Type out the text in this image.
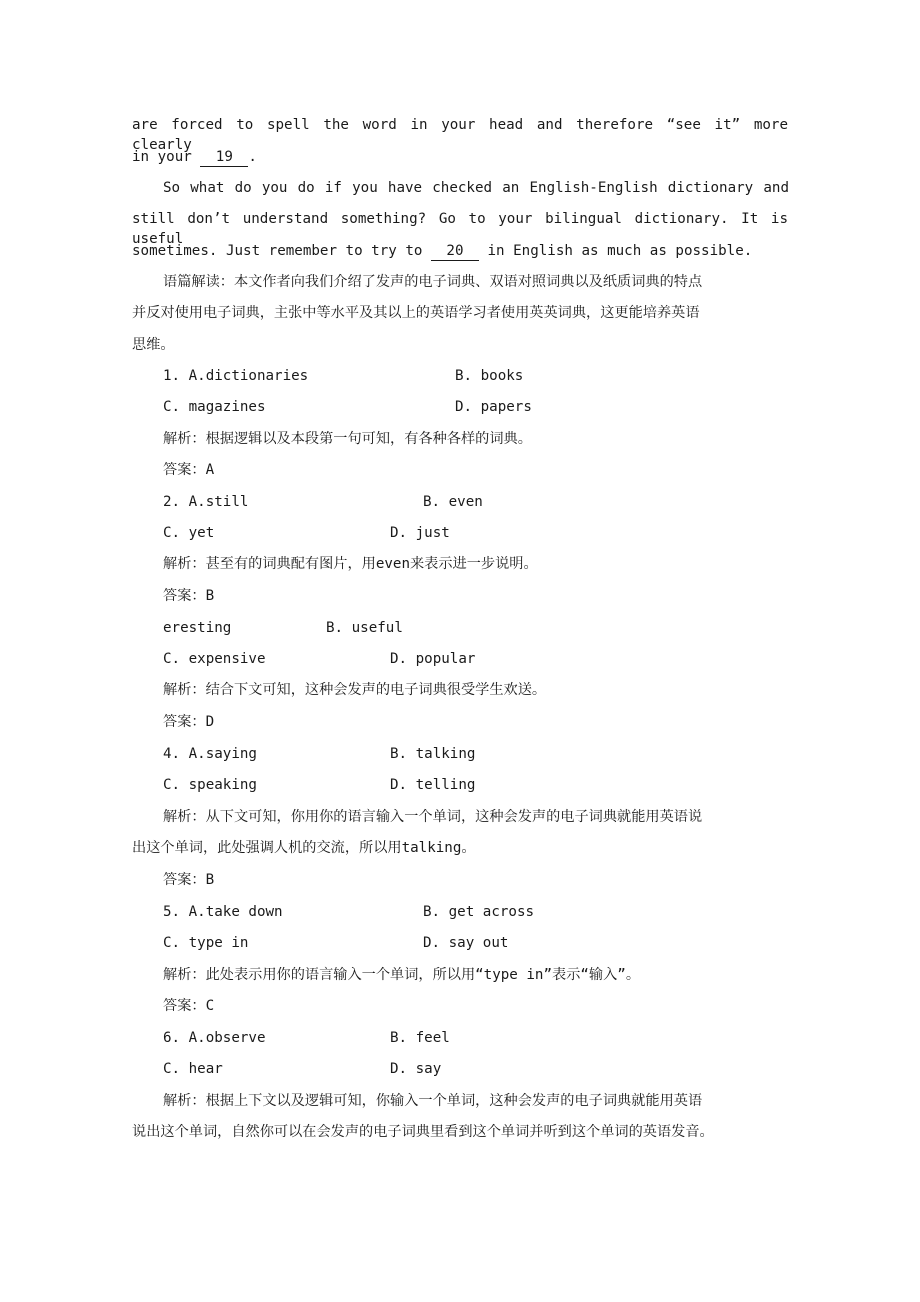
are forced to spell the word in your head and therefore “see it” more clearly
in your 19 .
So what do you do if you have checked an English-English dictionary and
still don’t understand something? Go to your bilingual dictionary. It is useful
sometimes. Just remember to try to 20 in English as much as possible.
语篇解读：本文作者向我们介绍了发声的电子词典、双语对照词典以及纸质词典的特点
并反对使用电子词典，主张中等水平及其以上的英语学习者使用英英词典，这更能培养英语
思维。
1. A.dictionaries	B. books
C. magazines	D. papers
解析：根据逻辑以及本段第一句可知，有各种各样的词典。
答案：A
2. A.still	B. even
C. yet	D. just
解析：甚至有的词典配有图片，用even来表示进一步说明。
答案：B
eresting	B. useful
C. expensive	D. popular
解析：结合下文可知，这种会发声的电子词典很受学生欢送。
答案：D
4. A.saying	B. talking
C. speaking	D. telling
解析：从下文可知，你用你的语言输入一个单词，这种会发声的电子词典就能用英语说
出这个单词，此处强调人机的交流，所以用talking。
答案：B
5. A.take down	B. get across
C. type in	D. say out
解析：此处表示用你的语言输入一个单词，所以用“type in”表示“输入”。
答案：C
6. A.observe	B. feel
C. hear	D. say
解析：根据上下文以及逻辑可知，你输入一个单词，这种会发声的电子词典就能用英语
说出这个单词，自然你可以在会发声的电子词典里看到这个单词并听到这个单词的英语发音。
